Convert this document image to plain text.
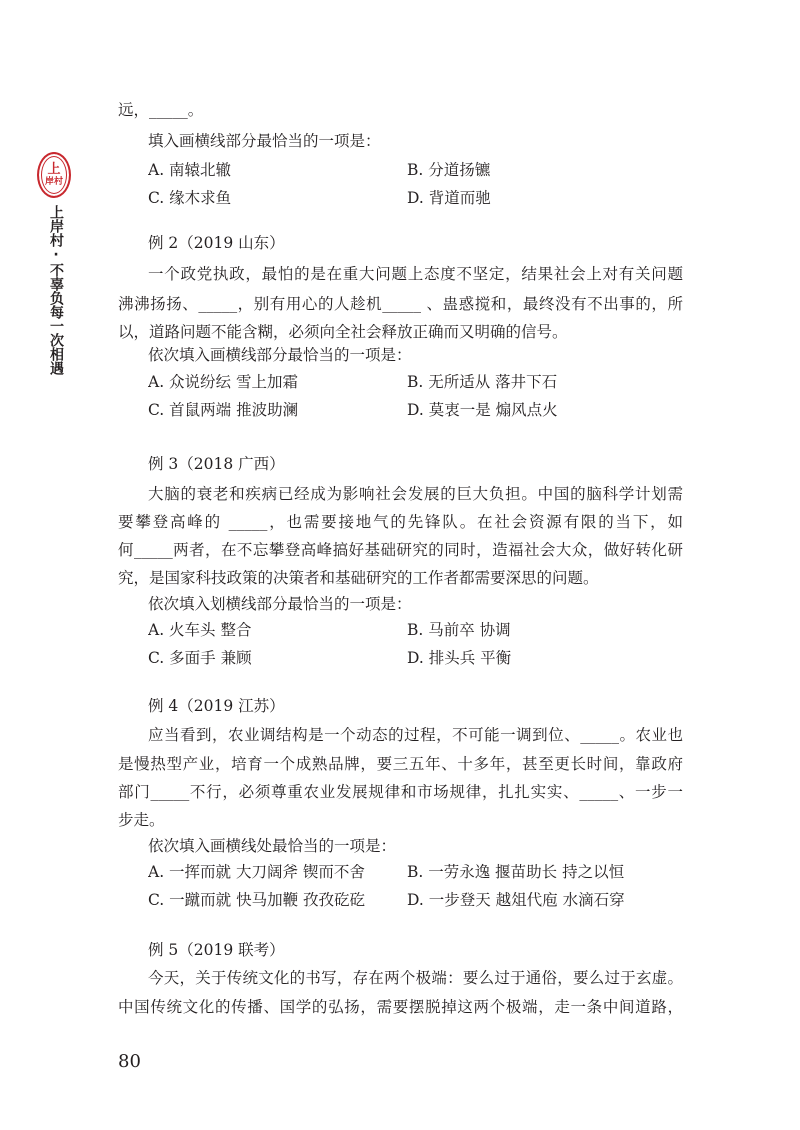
上
岸村
上岸村·不辜负每一次相遇
远，_____。
填入画横线部分最恰当的一项是：
A. 南辕北辙	B. 分道扬镳
C. 缘木求鱼	D. 背道而驰
例 2（2019 山东）
一个政党执政，最怕的是在重大问题上态度不坚定，结果社会上对有关问题
沸沸扬扬、_____，别有用心的人趁机_____ 、蛊惑搅和，最终没有不出事的，所
以，道路问题不能含糊，必须向全社会释放正确而又明确的信号。
依次填入画横线部分最恰当的一项是：
A. 众说纷纭 雪上加霜	B. 无所适从 落井下石
C. 首鼠两端 推波助澜	D. 莫衷一是 煽风点火
例 3（2018 广西）
大脑的衰老和疾病已经成为影响社会发展的巨大负担。中国的脑科学计划需
要攀登高峰的 _____，也需要接地气的先锋队。在社会资源有限的当下，如
何_____两者，在不忘攀登高峰搞好基础研究的同时，造福社会大众，做好转化研
究，是国家科技政策的决策者和基础研究的工作者都需要深思的问题。
依次填入划横线部分最恰当的一项是：
A. 火车头 整合	B. 马前卒 协调
C. 多面手 兼顾	D. 排头兵 平衡
例 4（2019 江苏）
应当看到，农业调结构是一个动态的过程，不可能一调到位、_____。农业也
是慢热型产业，培育一个成熟品牌，要三五年、十多年，甚至更长时间，靠政府
部门_____不行，必须尊重农业发展规律和市场规律，扎扎实实、_____、一步一
步走。
依次填入画横线处最恰当的一项是：
A. 一挥而就 大刀阔斧 锲而不舍	B. 一劳永逸 揠苗助长 持之以恒
C. 一蹴而就 快马加鞭 孜孜矻矻	D. 一步登天 越俎代庖 水滴石穿
例 5（2019 联考）
今天，关于传统文化的书写，存在两个极端：要么过于通俗，要么过于玄虚。
中国传统文化的传播、国学的弘扬，需要摆脱掉这两个极端，走一条中间道路，
80
